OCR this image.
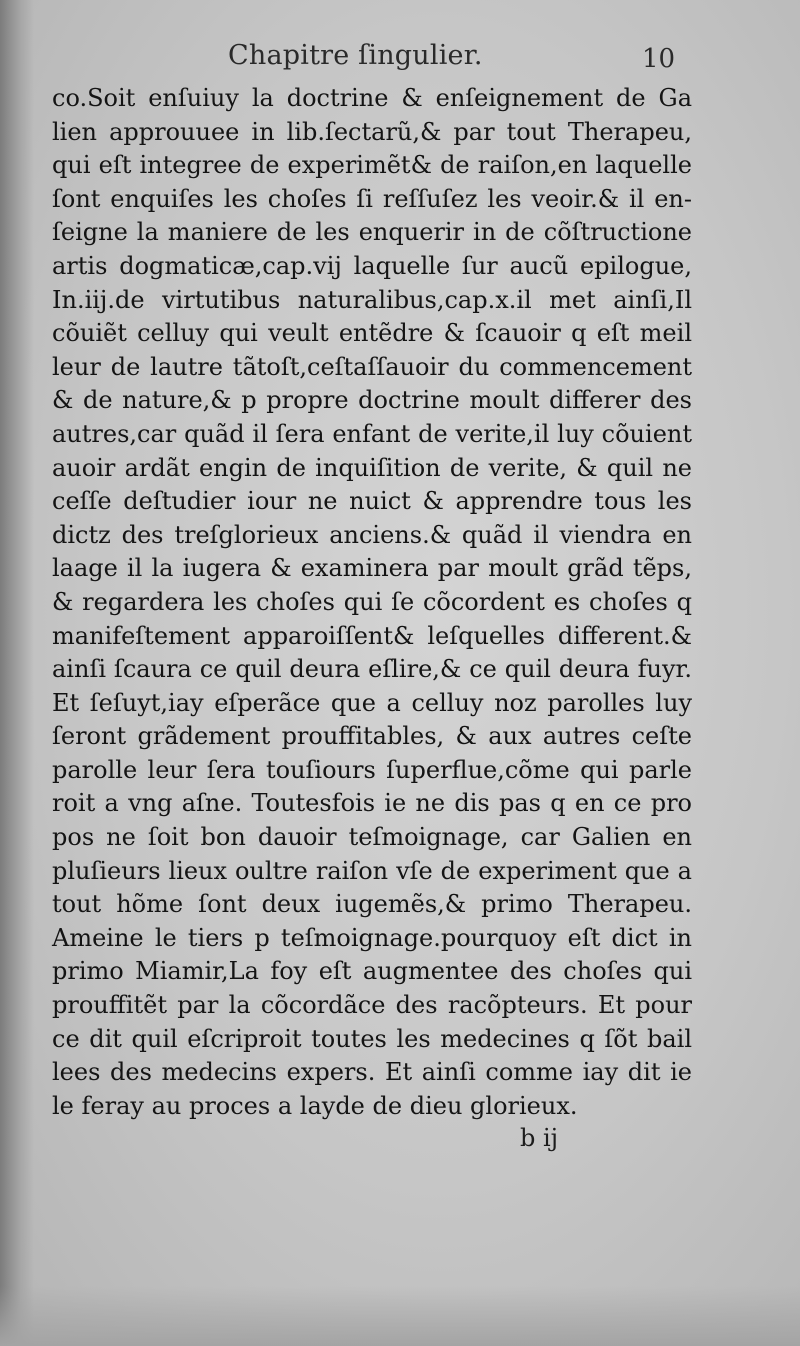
Chapitre ſingulier.	10
co.Soit enſuiuy la doctrine & enſeignement de Ga
lien approuuee in lib.ſectarũ,& par tout Therapeu,
qui eſt integree de experimẽt& de raiſon,en laquelle
ſont enquiſes les choſes ſi reſſuſez les veoir.& il en-
ſeigne la maniere de les enquerir in de cõſtructione
artis dogmaticæ,cap.vij laquelle ſur aucũ epilogue,
In.iij.de virtutibus naturalibus,cap.x.il met ainſi,Il
cõuiẽt celluy qui veult entẽdre & ſcauoir q eſt meil
leur de lautre tãtoſt,ceſtaſſauoir du commencement
& de nature,& p propre doctrine moult differer des
autres,car quãd il ſera enfant de verite,il luy cõuient
auoir ardãt engin de inquiſition de verite, & quil ne
ceſſe deſtudier iour ne nuict & apprendre tous les
dictz des treſglorieux anciens.& quãd il viendra en
laage il la iugera & examinera par moult grãd tẽps,
& regardera les choſes qui ſe cõcordent es choſes q
manifeſtement apparoiſſent& leſquelles different.&
ainſi ſcaura ce quil deura eſlire,& ce quil deura fuyr.
Et ſeſuyt,iay eſperãce que a celluy noz parolles luy
ſeront grãdement prouffitables, & aux autres ceſte
parolle leur ſera touſiours ſuperflue,cõme qui parle
roit a vng aſne. Toutesfois ie ne dis pas q en ce pro
pos ne ſoit bon dauoir teſmoignage, car Galien en
pluſieurs lieux oultre raiſon vſe de experiment que a
tout hõme ſont deux iugemẽs,& primo Therapeu.
Ameine le tiers p teſmoignage.pourquoy eſt dict in
primo Miamir,La foy eſt augmentee des choſes qui
prouffitẽt par la cõcordãce des racõpteurs. Et pour
ce dit quil eſcriproit toutes les medecines q ſõt bail
lees des medecins expers. Et ainſi comme iay dit ie
le feray au proces a layde de dieu glorieux.
b ij
